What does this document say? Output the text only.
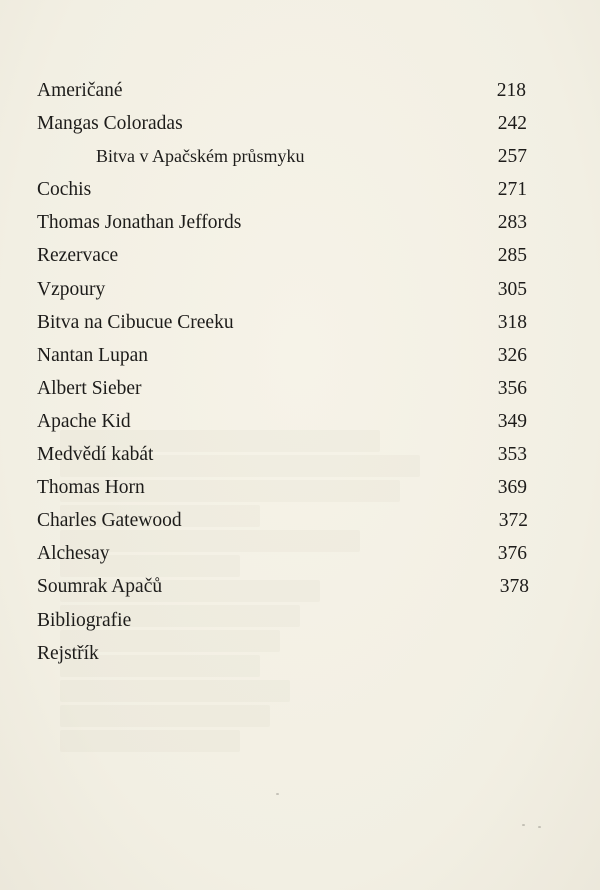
Američané	218
Mangas Coloradas	242
Bitva v Apačském průsmyku	257
Cochis	271
Thomas Jonathan Jeffords	283
Rezervace	285
Vzpoury	305
Bitva na Cibucue Creeku	318
Nantan Lupan	326
Albert Sieber	356
Apache Kid	349
Medvědí kabát	353
Thomas Horn	369
Charles Gatewood	372
Alchesay	376
Soumrak Apačů	378
Bibliografie
Rejstřík
